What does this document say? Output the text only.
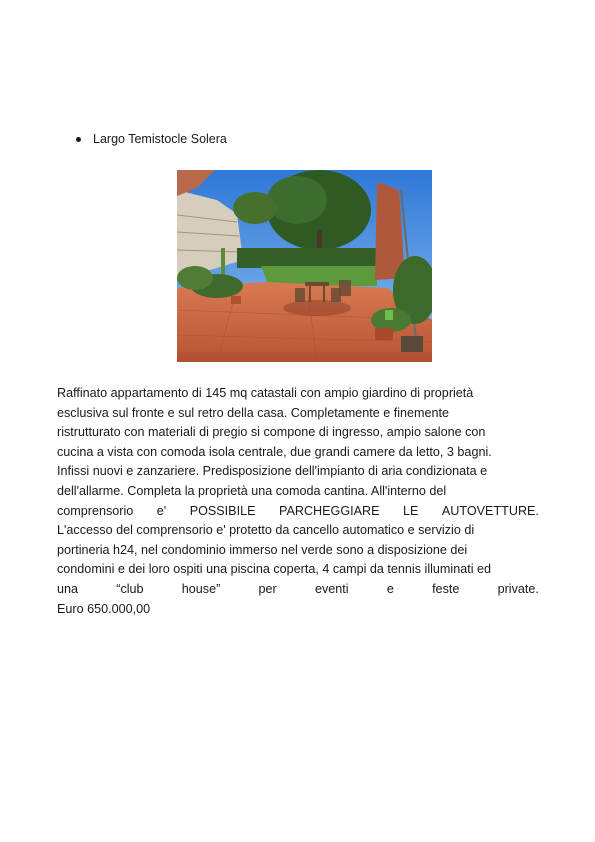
Largo Temistocle Solera
Raffinato appartamento di 145 mq catastali con ampio giardino di proprietà
esclusiva sul fronte e sul retro della casa. Completamente e finemente
ristrutturato con materiali di pregio si compone di ingresso, ampio salone con
cucina a vista con comoda isola centrale, due grandi camere da letto, 3 bagni.
Infissi nuovi e zanzariere. Predisposizione dell'impianto di aria condizionata e
dell'allarme. Completa la proprietà una comoda cantina. All'interno del
comprensorio e' POSSIBILE PARCHEGGIARE LE AUTOVETTURE.
L'accesso del comprensorio e' protetto da cancello automatico e servizio di
portineria h24, nel condominio immerso nel verde sono a disposizione dei
condomini e dei loro ospiti una piscina coperta, 4 campi da tennis illuminati ed
una	“club	house”	per	eventi	e	feste	private.
Euro 650.000,00
